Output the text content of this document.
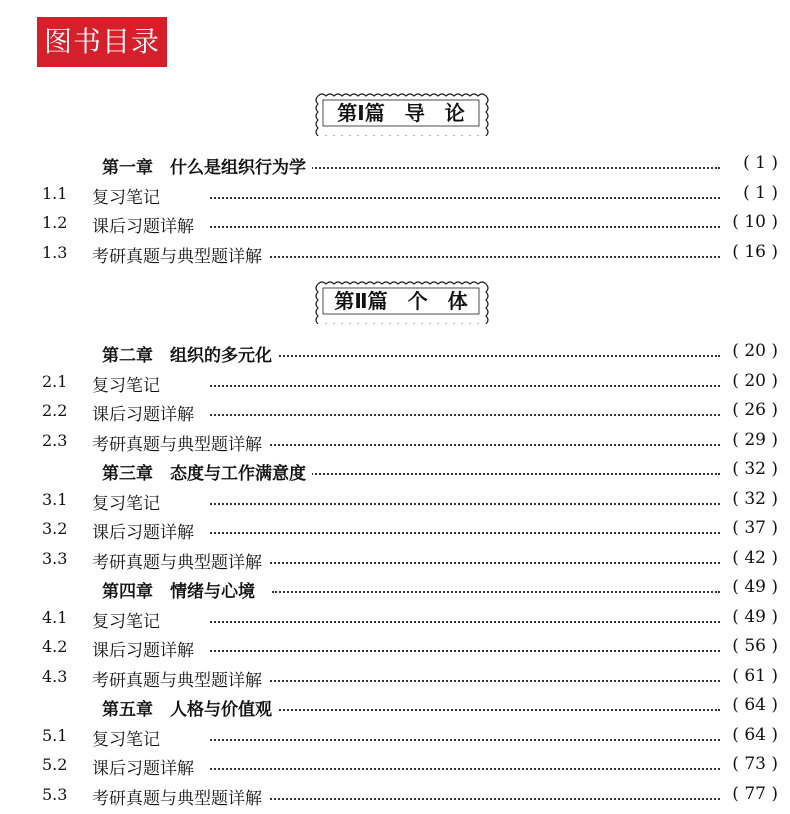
图书目录
第Ⅰ篇　导　论
第一章　什么是组织行为学	( 1 )
1.1 复习笔记	( 1 )
1.2 课后习题详解	( 10 )
1.3 考研真题与典型题详解	( 16 )
第Ⅱ篇　个　体
第二章　组织的多元化	( 20 )
2.1 复习笔记	( 20 )
2.2 课后习题详解	( 26 )
2.3 考研真题与典型题详解	( 29 )
第三章　态度与工作满意度	( 32 )
3.1 复习笔记	( 32 )
3.2 课后习题详解	( 37 )
3.3 考研真题与典型题详解	( 42 )
第四章　情绪与心境	( 49 )
4.1 复习笔记	( 49 )
4.2 课后习题详解	( 56 )
4.3 考研真题与典型题详解	( 61 )
第五章　人格与价值观	( 64 )
5.1 复习笔记	( 64 )
5.2 课后习题详解	( 73 )
5.3 考研真题与典型题详解	( 77 )
